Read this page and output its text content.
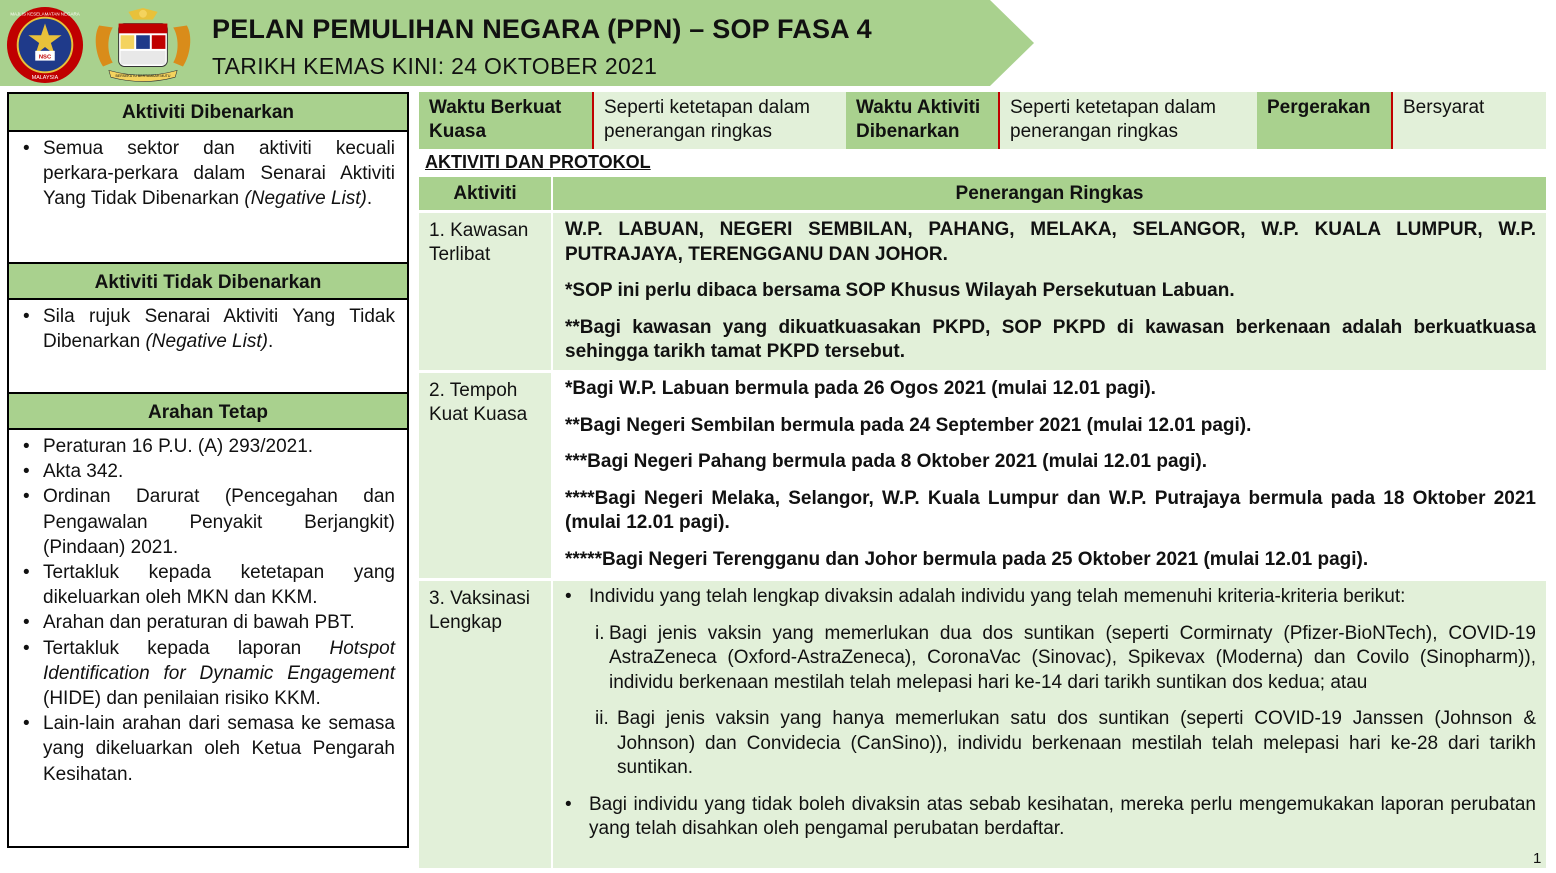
NSC
MALAYSIA
MAJLIS KESELAMATAN NEGARA
BERSEKUTU BERTAMBAH MUTU
PELAN PEMULIHAN NEGARA (PPN) – SOP FASA 4
TARIKH KEMAS KINI: 24 OKTOBER 2021
Aktiviti Dibenarkan
• Semua sektor dan aktiviti kecuali perkara-perkara dalam Senarai Aktiviti Yang Tidak Dibenarkan (Negative List).
Aktiviti Tidak Dibenarkan
• Sila rujuk Senarai Aktiviti Yang Tidak Dibenarkan (Negative List).
Arahan Tetap
• Peraturan 16 P.U. (A) 293/2021.
• Akta 342.
• Ordinan Darurat (Pencegahan dan Pengawalan Penyakit Berjangkit) (Pindaan) 2021.
• Tertakluk kepada ketetapan yang dikeluarkan oleh MKN dan KKM.
• Arahan dan peraturan di bawah PBT.
• Tertakluk kepada laporan Hotspot Identification for Dynamic Engagement (HIDE) dan penilaian risiko KKM.
• Lain-lain arahan dari semasa ke semasa yang dikeluarkan oleh Ketua Pengarah Kesihatan.
Waktu Berkuat Kuasa
Seperti ketetapan dalam penerangan ringkas
Waktu Aktiviti Dibenarkan
Seperti ketetapan dalam penerangan ringkas
Pergerakan	Bersyarat
AKTIVITI DAN PROTOKOL
Aktiviti	Penerangan Ringkas
1. Kawasan Terlibat
W.P. LABUAN, NEGERI SEMBILAN, PAHANG, MELAKA, SELANGOR, W.P. KUALA LUMPUR, W.P. PUTRAJAYA, TERENGGANU DAN JOHOR.
*SOP ini perlu dibaca bersama SOP Khusus Wilayah Persekutuan Labuan.
**Bagi kawasan yang dikuatkuasakan PKPD, SOP PKPD di kawasan berkenaan adalah berkuatkuasa sehingga tarikh tamat PKPD tersebut.
2. Tempoh Kuat Kuasa
*Bagi W.P. Labuan bermula pada 26 Ogos 2021 (mulai 12.01 pagi).
**Bagi Negeri Sembilan bermula pada 24 September 2021 (mulai 12.01 pagi).
***Bagi Negeri Pahang bermula pada 8 Oktober 2021 (mulai 12.01 pagi).
****Bagi Negeri Melaka, Selangor, W.P. Kuala Lumpur dan W.P. Putrajaya bermula pada 18 Oktober 2021 (mulai 12.01 pagi).
*****Bagi Negeri Terengganu dan Johor bermula pada 25 Oktober 2021 (mulai 12.01 pagi).
3. Vaksinasi Lengkap
• Individu yang telah lengkap divaksin adalah individu yang telah memenuhi kriteria-kriteria berikut:
i. Bagi jenis vaksin yang memerlukan dua dos suntikan (seperti Cormirnaty (Pfizer-BioNTech), COVID-19 AstraZeneca (Oxford-AstraZeneca), CoronaVac (Sinovac), Spikevax (Moderna) dan Covilo (Sinopharm)), individu berkenaan mestilah telah melepasi hari ke-14 dari tarikh suntikan dos kedua; atau
ii. Bagi jenis vaksin yang hanya memerlukan satu dos suntikan (seperti COVID-19 Janssen (Johnson & Johnson) dan Convidecia (CanSino)), individu berkenaan mestilah telah melepasi hari ke-28 dari tarikh suntikan.
• Bagi individu yang tidak boleh divaksin atas sebab kesihatan, mereka perlu mengemukakan laporan perubatan yang telah disahkan oleh pengamal perubatan berdaftar.
1
